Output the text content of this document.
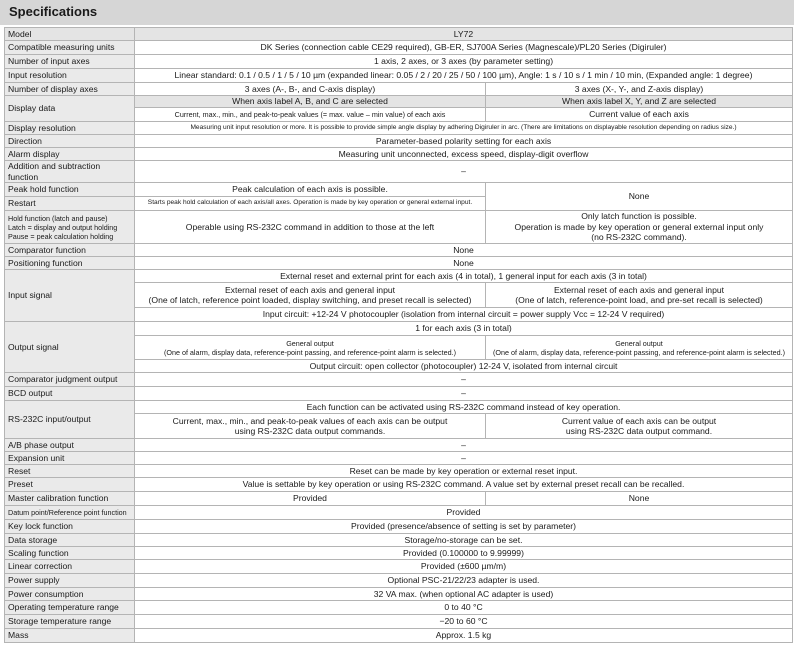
Specifications
Model	LY72	
Compatible measuring units	DK Series (connection cable CE29 required), GB-ER, SJ700A Series (Magnescale)/PL20 Series (Digiruler)	
Number of input axes	1 axis, 2 axes, or 3 axes (by parameter setting)	
Input resolution	Linear standard: 0.1 / 0.5 / 1 / 5 / 10 µm (expanded linear: 0.05 / 2 / 20 / 25 / 50 / 100 µm), Angle: 1 s / 10 s / 1 min / 10 min, (Expanded angle: 1 degree)	
Number of display axes	3 axes (A-, B-, and C-axis display)	3 axes (X-, Y-, and Z-axis display)
Display data	When axis label A, B, and C are selected	When axis label X, Y, and Z are selected
	Current, max., min., and peak-to-peak values (= max. value – min value) of each axis	Current value of each axis
Display resolution	Measuring unit input resolution or more. It is possible to provide simple angle display by adhering Digiruler in arc. (There are limitations on displayable resolution depending on radius size.)	
Direction	Parameter-based polarity setting for each axis	
Alarm display	Measuring unit unconnected, excess speed, display-digit overflow	
Addition and subtraction function	–	
Peak hold function	Peak calculation of each axis is possible.	None
Restart	Starts peak hold calculation of each axis/all axes. Operation is made by key operation or general external input.	
Hold function (latch and pause)
Latch = display and output holding
Pause = peak calculation holding	Operable using RS-232C command in addition to those at the left	Only latch function is possible.
Operation is made by key operation or general external input only
(no RS-232C command).
Comparator function	None	
Positioning function	None	
Input signal	External reset and external print for each axis (4 in total), 1 general input for each axis (3 in total)	
	External reset of each axis and general input
(One of latch, reference point loaded, display switching, and preset recall is selected)	External reset of each axis and general input
(One of latch, reference-point load, and pre-set recall is selected)
	Input circuit: +12-24 V photocoupler (isolation from internal circuit = power supply Vcc = 12-24 V required)	
Output signal	1 for each axis (3 in total)	
	General output
(One of alarm, display data, reference-point passing, and reference-point alarm is selected.)	General output
(One of alarm, display data, reference-point passing, and reference-point alarm is selected.)
	Output circuit: open collector (photocoupler) 12-24 V, isolated from internal circuit	
Comparator judgment output	–	
BCD output	–	
RS-232C input/output	Each function can be activated using RS-232C command instead of key operation.	
	Current, max., min., and peak-to-peak values of each axis can be output
using RS-232C data output commands.	Current value of each axis can be output
using RS-232C data output command.
A/B phase output	–	
Expansion unit	–	
Reset	Reset can be made by key operation or external reset input.	
Preset	Value is settable by key operation or using RS-232C command. A value set by external preset recall can be recalled.	
Master calibration function	Provided	None
Datum point/Reference point function	Provided	
Key lock function	Provided (presence/absence of setting is set by parameter)	
Data storage	Storage/no-storage can be set.	
Scaling function	Provided (0.100000 to 9.99999)	
Linear correction	Provided (±600 µm/m)	
Power supply	Optional PSC-21/22/23 adapter is used.	
Power consumption	32 VA max. (when optional AC adapter is used)	
Operating temperature range	0 to 40 °C	
Storage temperature range	−20 to 60 °C	
Mass	Approx. 1.5 kg	
